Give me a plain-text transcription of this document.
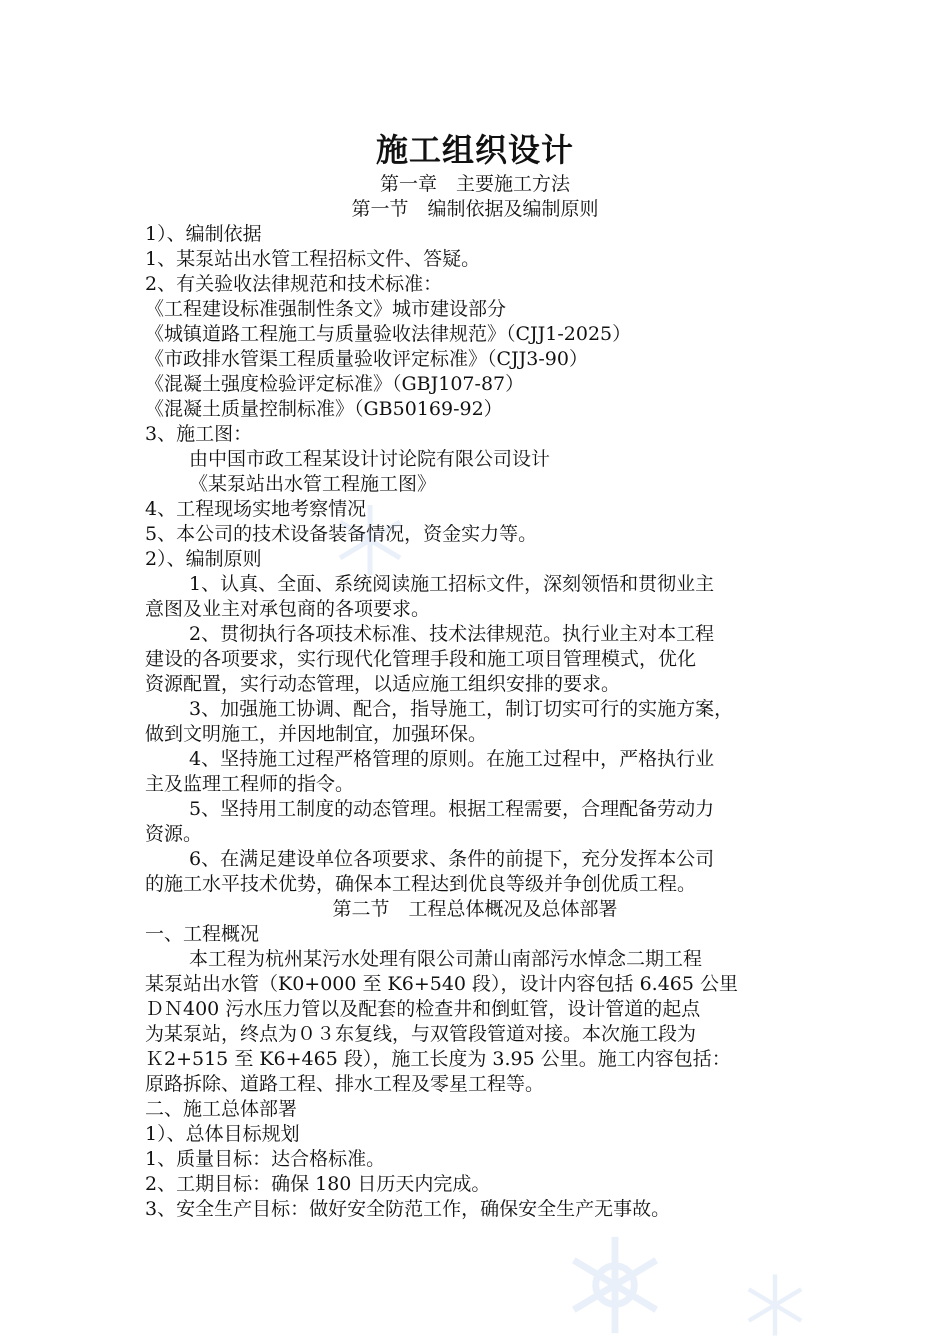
施工组织设计
第一章　主要施工方法
第一节　编制依据及编制原则
1）、编制依据
1、某泵站出水管工程招标文件、答疑。
2、有关验收法律规范和技术标准：
《工程建设标准强制性条文》城市建设部分
《城镇道路工程施工与质量验收法律规范》（CJJ1-2025）
《市政排水管渠工程质量验收评定标准》（CJJ3-90）
《混凝土强度检验评定标准》（GBJ107-87）
《混凝土质量控制标准》（GB50169-92）
3、施工图：
由中国市政工程某设计讨论院有限公司设计
《某泵站出水管工程施工图》
4、工程现场实地考察情况
5、本公司的技术设备装备情况，资金实力等。
2）、编制原则
1、认真、全面、系统阅读施工招标文件，深刻领悟和贯彻业主
意图及业主对承包商的各项要求。
2、贯彻执行各项技术标准、技术法律规范。执行业主对本工程
建设的各项要求，实行现代化管理手段和施工项目管理模式，优化
资源配置，实行动态管理，以适应施工组织安排的要求。
3、加强施工协调、配合，指导施工，制订切实可行的实施方案，
做到文明施工，并因地制宜，加强环保。
4、坚持施工过程严格管理的原则。在施工过程中，严格执行业
主及监理工程师的指令。
5、坚持用工制度的动态管理。根据工程需要，合理配备劳动力
资源。
6、在满足建设单位各项要求、条件的前提下，充分发挥本公司
的施工水平技术优势，确保本工程达到优良等级并争创优质工程。
第二节　工程总体概况及总体部署
一、工程概况
本工程为杭州某污水处理有限公司萧山南部污水悼念二期工程
某泵站出水管（K0+000 至 K6+540 段），设计内容包括 6.465 公里
ＤＮ400 污水压力管以及配套的检查井和倒虹管，设计管道的起点
为某泵站，终点为０３东复线，与双管段管道对接。本次施工段为
Ｋ2+515 至 K6+465 段），施工长度为 3.95 公里。施工内容包括：
原路拆除、道路工程、排水工程及零星工程等。
二、施工总体部署
1）、总体目标规划
1、质量目标：达合格标准。
2、工期目标：确保 180 日历天内完成。
3、安全生产目标：做好安全防范工作，确保安全生产无事故。
